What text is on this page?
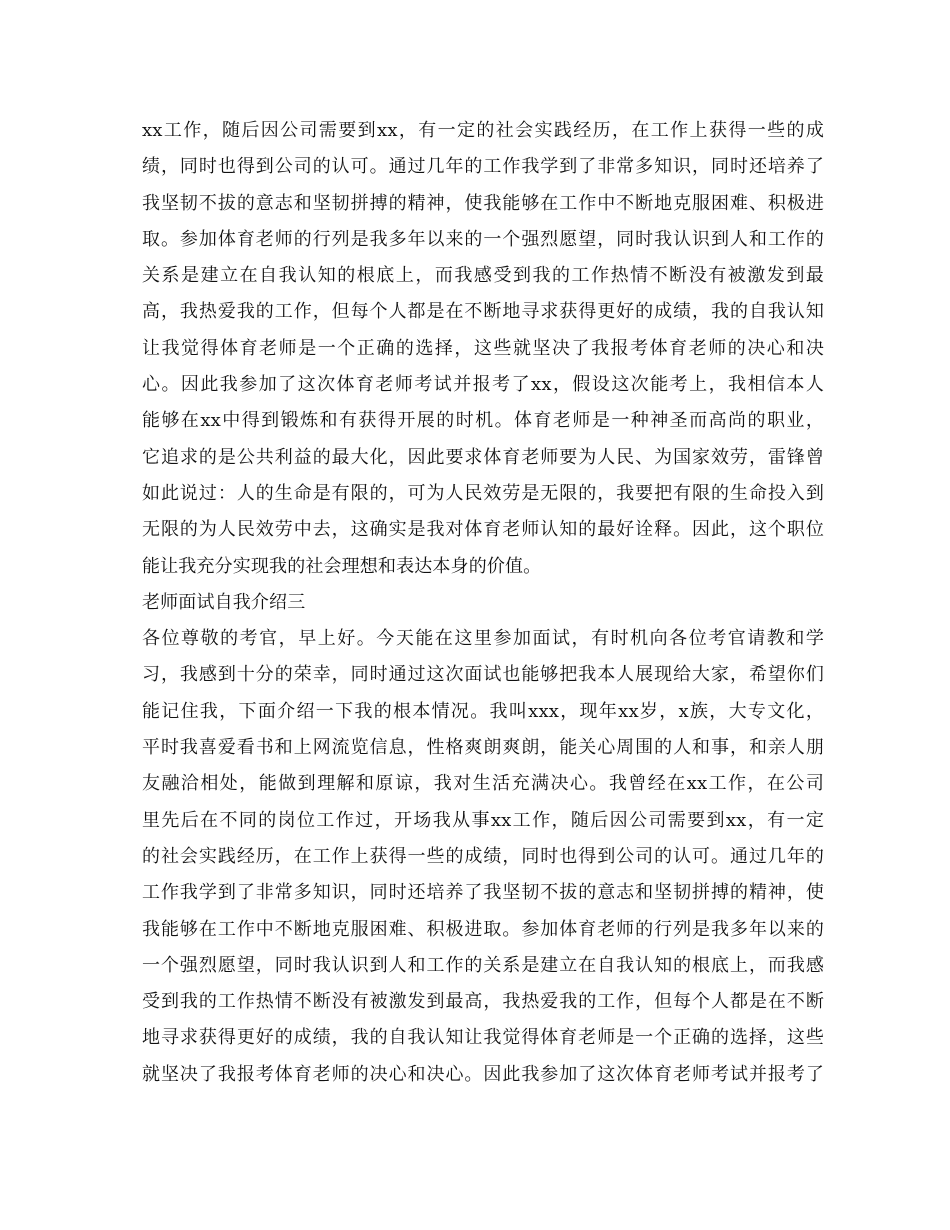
xx工作，随后因公司需要到xx，有一定的社会实践经历，在工作上获得一些的成
绩，同时也得到公司的认可。通过几年的工作我学到了非常多知识，同时还培养了
我坚韧不拔的意志和坚韧拼搏的精神，使我能够在工作中不断地克服困难、积极进
取。参加体育老师的行列是我多年以来的一个强烈愿望，同时我认识到人和工作的
关系是建立在自我认知的根底上，而我感受到我的工作热情不断没有被激发到最
高，我热爱我的工作，但每个人都是在不断地寻求获得更好的成绩，我的自我认知
让我觉得体育老师是一个正确的选择，这些就坚决了我报考体育老师的决心和决
心。因此我参加了这次体育老师考试并报考了xx，假设这次能考上，我相信本人
能够在xx中得到锻炼和有获得开展的时机。体育老师是一种神圣而高尚的职业，
它追求的是公共利益的最大化，因此要求体育老师要为人民、为国家效劳，雷锋曾
如此说过：人的生命是有限的，可为人民效劳是无限的，我要把有限的生命投入到
无限的为人民效劳中去，这确实是我对体育老师认知的最好诠释。因此，这个职位
能让我充分实现我的社会理想和表达本身的价值。
老师面试自我介绍三
各位尊敬的考官，早上好。今天能在这里参加面试，有时机向各位考官请教和学
习，我感到十分的荣幸，同时通过这次面试也能够把我本人展现给大家，希望你们
能记住我，下面介绍一下我的根本情况。我叫xxx，现年xx岁，x族，大专文化，
平时我喜爱看书和上网流览信息，性格爽朗爽朗，能关心周围的人和事，和亲人朋
友融洽相处，能做到理解和原谅，我对生活充满决心。我曾经在xx工作，在公司
里先后在不同的岗位工作过，开场我从事xx工作，随后因公司需要到xx，有一定
的社会实践经历，在工作上获得一些的成绩，同时也得到公司的认可。通过几年的
工作我学到了非常多知识，同时还培养了我坚韧不拔的意志和坚韧拼搏的精神，使
我能够在工作中不断地克服困难、积极进取。参加体育老师的行列是我多年以来的
一个强烈愿望，同时我认识到人和工作的关系是建立在自我认知的根底上，而我感
受到我的工作热情不断没有被激发到最高，我热爱我的工作，但每个人都是在不断
地寻求获得更好的成绩，我的自我认知让我觉得体育老师是一个正确的选择，这些
就坚决了我报考体育老师的决心和决心。因此我参加了这次体育老师考试并报考了
